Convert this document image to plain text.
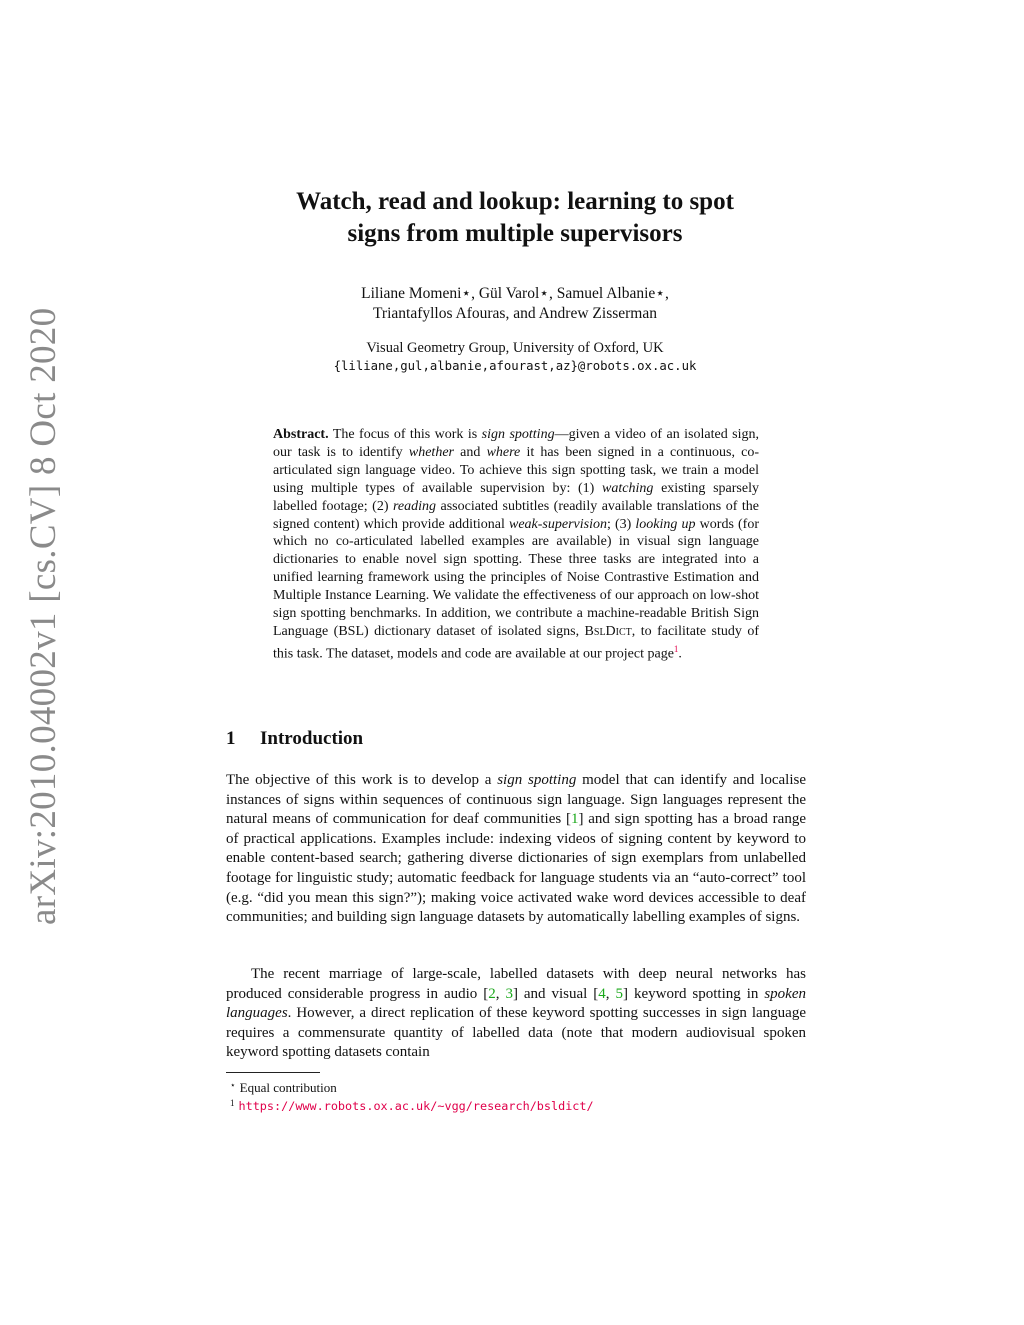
arXiv:2010.04002v1 [cs.CV] 8 Oct 2020
Watch, read and lookup: learning to spot
signs from multiple supervisors
Liliane Momeni⋆, Gül Varol⋆, Samuel Albanie⋆,
Triantafyllos Afouras, and Andrew Zisserman
Visual Geometry Group, University of Oxford, UK
{liliane,gul,albanie,afourast,az}@robots.ox.ac.uk
Abstract. The focus of this work is sign spotting—given a video of an isolated sign, our task is to identify whether and where it has been signed in a continuous, co-articulated sign language video. To achieve this sign spotting task, we train a model using multiple types of available supervision by: (1) watching existing sparsely labelled footage; (2) reading associated subtitles (readily available translations of the signed content) which provide additional weak-supervision; (3) looking up words (for which no co-articulated labelled examples are available) in visual sign language dictionaries to enable novel sign spotting. These three tasks are integrated into a unified learning framework using the principles of Noise Contrastive Estimation and Multiple Instance Learning. We validate the effectiveness of our approach on low-shot sign spotting benchmarks. In addition, we contribute a machine-readable British Sign Language (BSL) dictionary dataset of isolated signs, BslDict, to facilitate study of this task. The dataset, models and code are available at our project page$^1$.
1 Introduction
The objective of this work is to develop a sign spotting model that can identify and localise instances of signs within sequences of continuous sign language. Sign languages represent the natural means of communication for deaf communities [1] and sign spotting has a broad range of practical applications. Examples include: indexing videos of signing content by keyword to enable content-based search; gathering diverse dictionaries of sign exemplars from unlabelled footage for linguistic study; automatic feedback for language students via an “auto-correct” tool (e.g. “did you mean this sign?”); making voice activated wake word devices accessible to deaf communities; and building sign language datasets by automatically labelling examples of signs.
The recent marriage of large-scale, labelled datasets with deep neural networks has produced considerable progress in audio [2, 3] and visual [4, 5] keyword spotting in spoken languages. However, a direct replication of these keyword spotting successes in sign language requires a commensurate quantity of labelled data (note that modern audiovisual spoken keyword spotting datasets contain
⋆ Equal contribution
$^1$ https://www.robots.ox.ac.uk/~vgg/research/bsldict/
